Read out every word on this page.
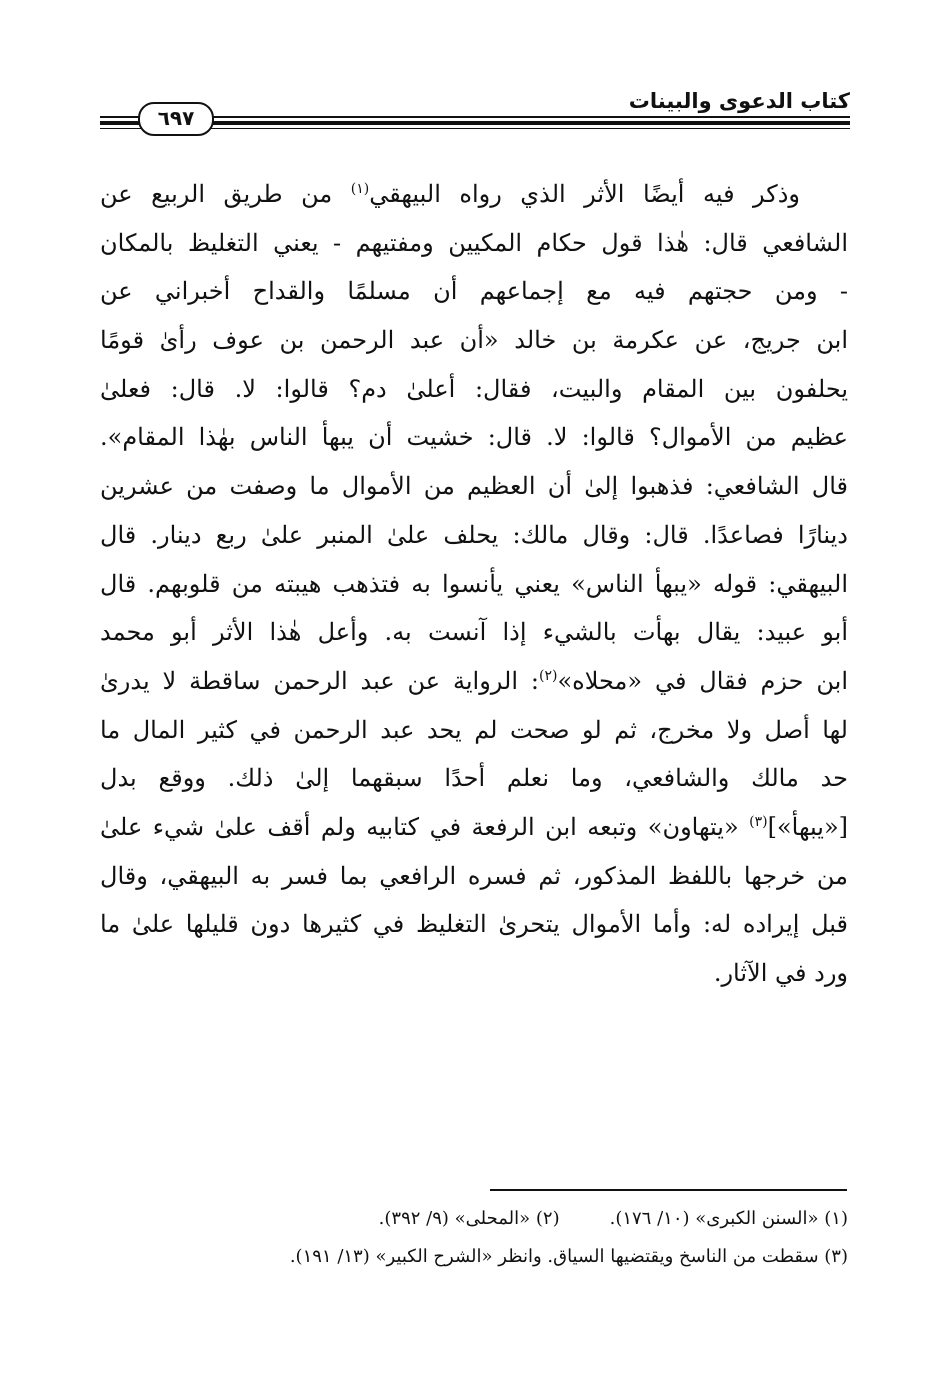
كتاب الدعوى والبينات
٦٩٧
وذكر فيه أيضًا الأثر الذي رواه البيهقي$^{(١)}$ من طريق الربيع عن
الشافعي قال: هٰذا قول حكام المكيين ومفتيهم - يعني التغليظ بالمكان
- ومن حجتهم فيه مع إجماعهم أن مسلمًا والقداح أخبراني عن
ابن جريج، عن عكرمة بن خالد «أن عبد الرحمن بن عوف رأىٰ قومًا
يحلفون بين المقام والبيت، فقال: أعلىٰ دم؟ قالوا: لا. قال: فعلىٰ
عظيم من الأموال؟ قالوا: لا. قال: خشيت أن يبهأ الناس بهٰذا المقام».
قال الشافعي: فذهبوا إلىٰ أن العظيم من الأموال ما وصفت من عشرين
دينارًا فصاعدًا. قال: وقال مالك: يحلف علىٰ المنبر علىٰ ربع دينار. قال
البيهقي: قوله «يبهأ الناس» يعني يأنسوا به فتذهب هيبته من قلوبهم. قال
أبو عبيد: يقال بهأت بالشيء إذا آنست به. وأعل هٰذا الأثر أبو محمد
ابن حزم فقال في «محلاه»$^{(٢)}$: الرواية عن عبد الرحمن ساقطة لا يدرىٰ
لها أصل ولا مخرج، ثم لو صحت لم يحد عبد الرحمن في كثير المال ما
حد مالك والشافعي، وما نعلم أحدًا سبقهما إلىٰ ذلك. ووقع بدل
[«يبهأ»]$^{(٣)}$ «يتهاون» وتبعه ابن الرفعة في كتابيه ولم أقف علىٰ شيء علىٰ
من خرجها باللفظ المذكور، ثم فسره الرافعي بما فسر به البيهقي، وقال
قبل إيراده له: وأما الأموال يتحرىٰ التغليظ في كثيرها دون قليلها علىٰ ما
ورد في الآثار.
(١) «السنن الكبرى» (١٠/ ١٧٦).(٢) «المحلى» (٩/ ٣٩٢).
(٣) سقطت من الناسخ ويقتضيها السياق. وانظر «الشرح الكبير» (١٣/ ١٩١).
